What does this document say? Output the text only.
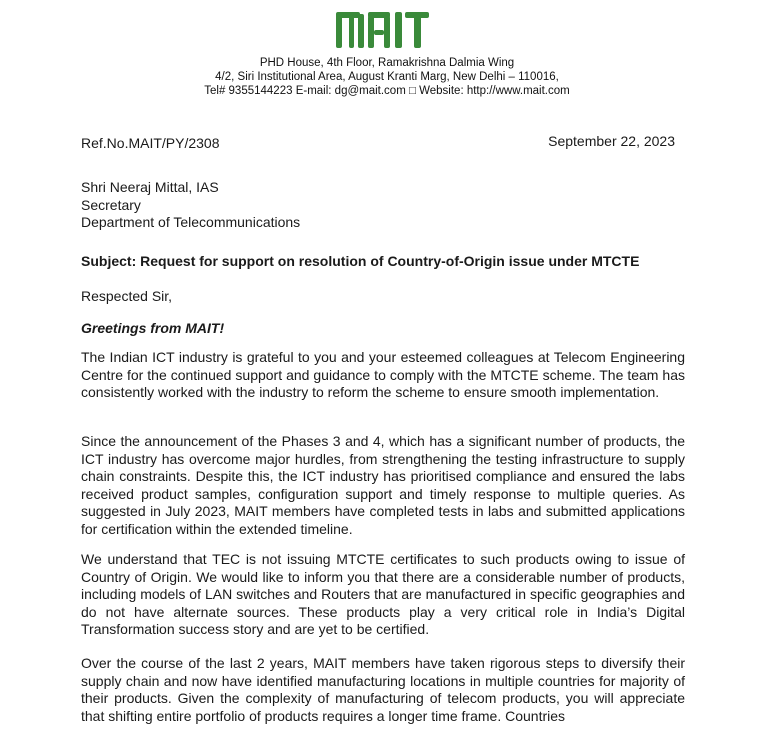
PHD House, 4th Floor, Ramakrishna Dalmia Wing
4/2, Siri Institutional Area, August Kranti Marg, New Delhi – 110016,
Tel# 9355144223 E-mail: dg@mait.com □ Website: http://www.mait.com
Ref.No.MAIT/PY/2308	September 22, 2023
Shri Neeraj Mittal, IAS
Secretary
Department of Telecommunications
Subject: Request for support on resolution of Country-of-Origin issue under MTCTE
Respected Sir,
Greetings from MAIT!
The Indian ICT industry is grateful to you and your esteemed colleagues at Telecom Engineering Centre for the continued support and guidance to comply with the MTCTE scheme. The team has consistently worked with the industry to reform the scheme to ensure smooth implementation.
Since the announcement of the Phases 3 and 4, which has a significant number of products, the ICT industry has overcome major hurdles, from strengthening the testing infrastructure to supply chain constraints. Despite this, the ICT industry has prioritised compliance and ensured the labs received product samples, configuration support and timely response to multiple queries. As suggested in July 2023, MAIT members have completed tests in labs and submitted applications for certification within the extended timeline.
We understand that TEC is not issuing MTCTE certificates to such products owing to issue of Country of Origin. We would like to inform you that there are a considerable number of products, including models of LAN switches and Routers that are manufactured in specific geographies and do not have alternate sources. These products play a very critical role in India’s Digital Transformation success story and are yet to be certified.
Over the course of the last 2 years, MAIT members have taken rigorous steps to diversify their supply chain and now have identified manufacturing locations in multiple countries for majority of their products. Given the complexity of manufacturing of telecom products, you will appreciate that shifting entire portfolio of products requires a longer time frame. Countries
